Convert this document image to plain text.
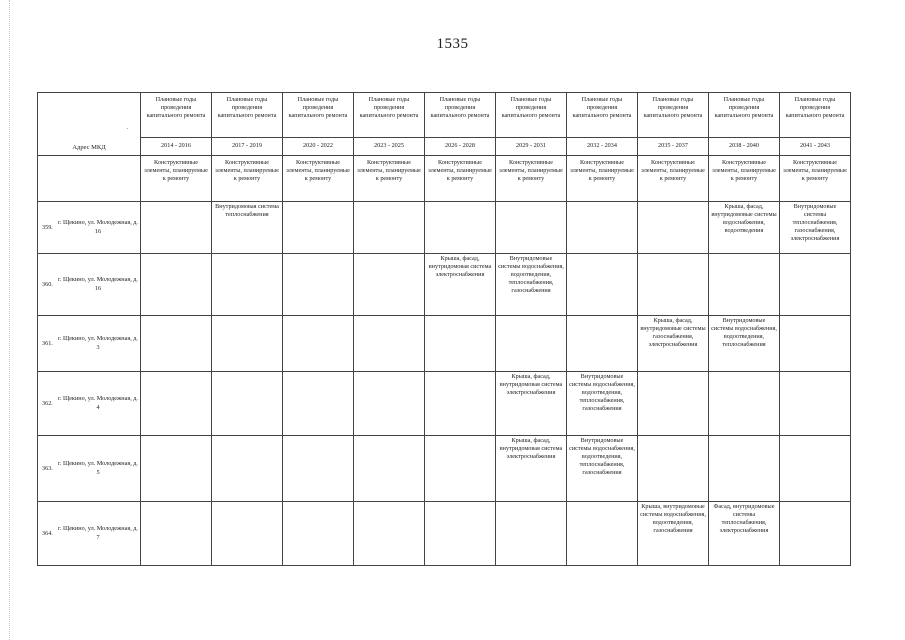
1535
.
Адрес МКД	Плановые годы проведения капитального ремонта	Плановые годы проведения капитального ремонта	Плановые годы проведения капитального ремонта	Плановые годы проведения капитального ремонта	Плановые годы проведения капитального ремонта	Плановые годы проведения капитального ремонта	Плановые годы проведения капитального ремонта	Плановые годы проведения капитального ремонта	Плановые годы проведения капитального ремонта	Плановые годы проведения капитального ремонта
	2014 - 2016	2017 - 2019	2020 - 2022	2023 - 2025	2026 - 2028	2029 - 2031	2032 - 2034	2035 - 2037	2038 - 2040	2041 - 2043
	Конструктивные элементы, планируемые к ремонту	Конструктивные элементы, планируемые к ремонту	Конструктивные элементы, планируемые к ремонту	Конструктивные элементы, планируемые к ремонту	Конструктивные элементы, планируемые к ремонту	Конструктивные элементы, планируемые к ремонту	Конструктивные элементы, планируемые к ремонту	Конструктивные элементы, планируемые к ремонту	Конструктивные элементы, планируемые к ремонту	Конструктивные элементы, планируемые к ремонту

359.
г. Щекино, ул. Молодежная, д. 16		Внутридомовая система теплоснабжения							Крыша, фасад, внутридомовые системы водоснабжения, водоотведения	Внутридомовые системы теплоснабжения, газоснабжения, электроснабжения

360.
г. Щекино, ул. Молодежная, д. 16					Крыша, фасад, внутридомовая система электроснабжения	Внутридомовые системы водоснабжения, водоотведения, теплоснабжения, газоснабжения				

361.
г. Щекино, ул. Молодежная, д. 3								Крыша, фасад, внутридомовые системы газоснабжения, электроснабжения	Внутридомовые системы водоснабжения, водоотведения, теплоснабжения	

362.
г. Щекино, ул. Молодежная, д. 4						Крыша, фасад, внутридомовая система электроснабжения	Внутридомовые системы водоснабжения, водоотведения, теплоснабжения, газоснабжения			

363.
г. Щекино, ул. Молодежная, д. 5						Крыша, фасад, внутридомовая система электроснабжения	Внутридомовые системы водоснабжения, водоотведения, теплоснабжения, газоснабжения			

364.
г. Щекино, ул. Молодежная, д. 7								Крыша, внутридомовые системы водоснабжения, водоотведения, газоснабжения	Фасад, внутридомовые системы теплоснабжения, электроснабжения	
